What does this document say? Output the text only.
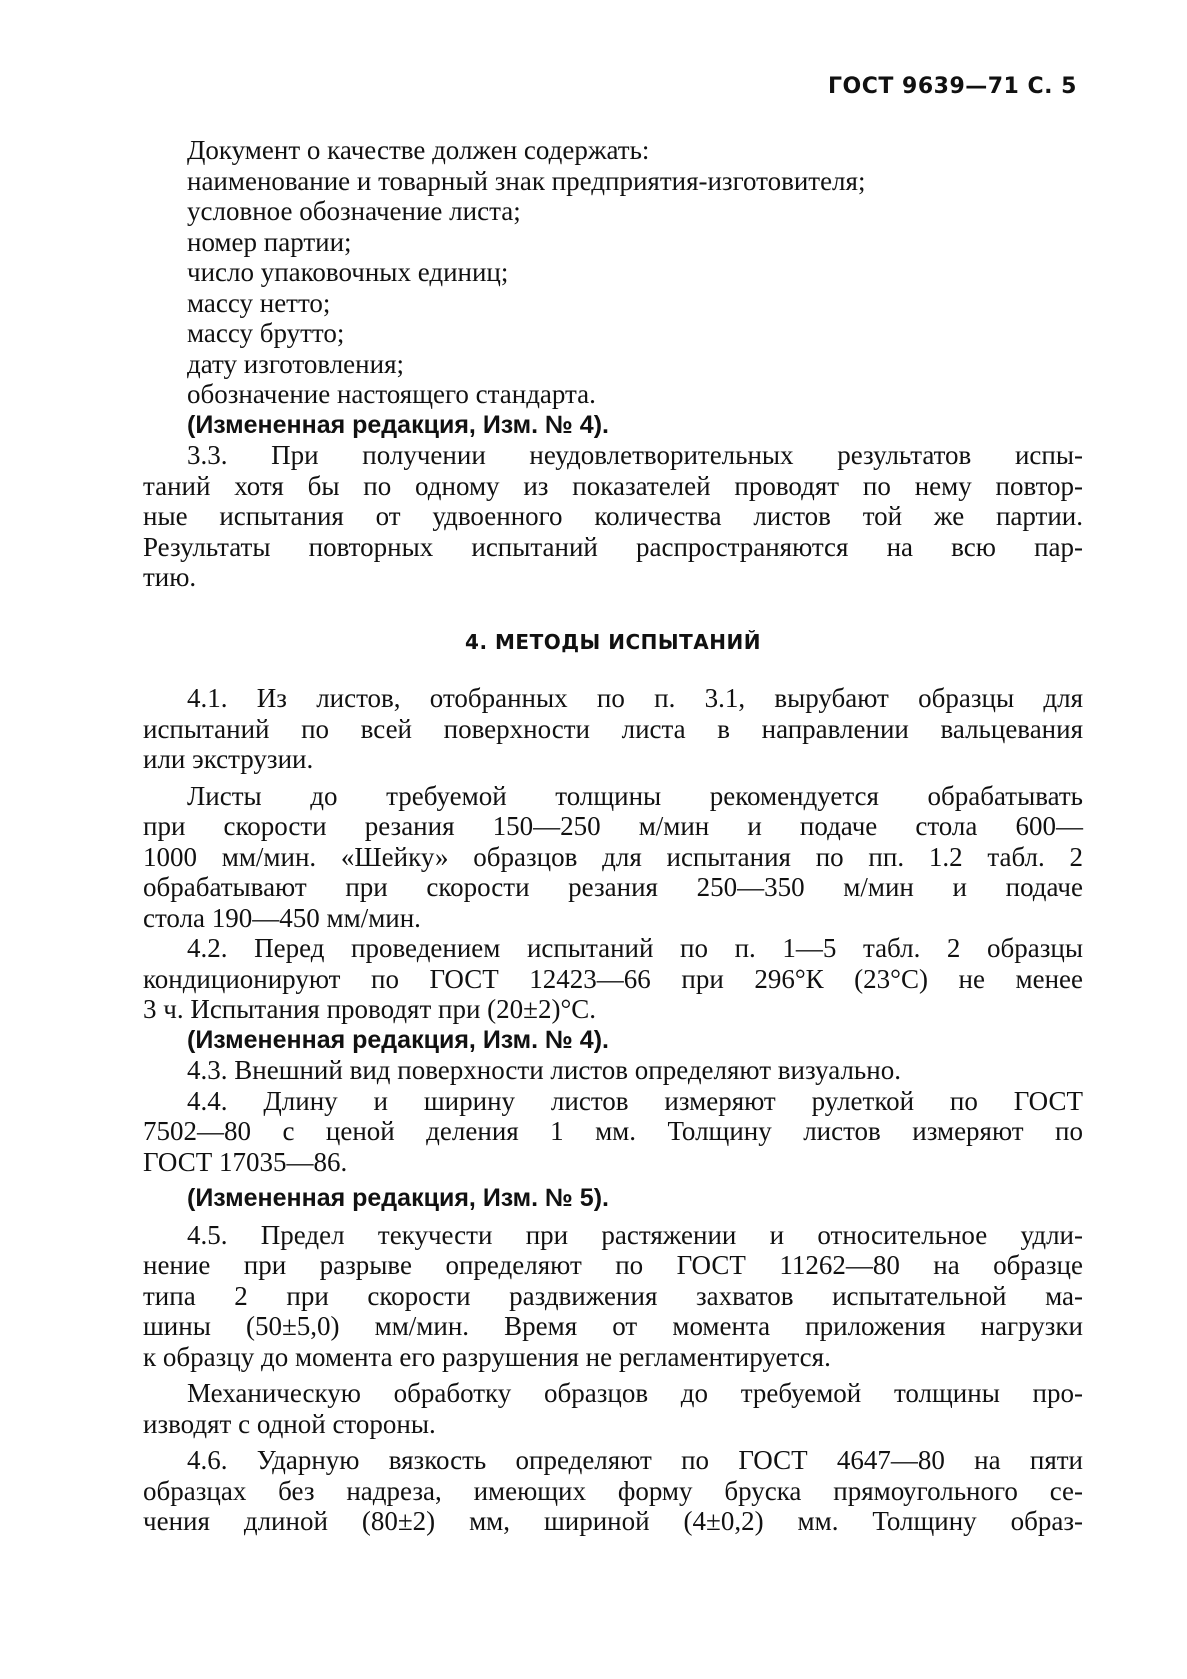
ГОСТ 9639—71 С. 5
Документ о качестве должен содержать:
наименование и товарный знак предприятия-изготовителя;
условное обозначение листа;
номер партии;
число упаковочных единиц;
массу нетто;
массу брутто;
дату изготовления;
обозначение настоящего стандарта.
(Измененная редакция, Изм. № 4).
3.3. При получении неудовлетворительных результатов испы-
таний хотя бы по одному из показателей проводят по нему повтор-
ные испытания от удвоенного количества листов той же партии.
Результаты повторных испытаний распространяются на всю пар-
тию.
4. МЕТОДЫ ИСПЫТАНИЙ
4.1. Из листов, отобранных по п. 3.1, вырубают образцы для
испытаний по всей поверхности листа в направлении вальцевания
или экструзии.
Листы до требуемой толщины рекомендуется обрабатывать
при скорости резания 150—250 м/мин и подаче стола 600—
1000 мм/мин. «Шейку» образцов для испытания по пп. 1.2 табл. 2
обрабатывают при скорости резания 250—350 м/мин и подаче
стола 190—450 мм/мин.
4.2. Перед проведением испытаний по п. 1—5 табл. 2 образцы
кондиционируют по ГОСТ 12423—66 при 296°К (23°С) не менее
3 ч. Испытания проводят при (20±2)°С.
(Измененная редакция, Изм. № 4).
4.3. Внешний вид поверхности листов определяют визуально.
4.4. Длину и ширину листов измеряют рулеткой по ГОСТ
7502—80 с ценой деления 1 мм. Толщину листов измеряют по
ГОСТ 17035—86.
(Измененная редакция, Изм. № 5).
4.5. Предел текучести при растяжении и относительное удли-
нение при разрыве определяют по ГОСТ 11262—80 на образце
типа 2 при скорости раздвижения захватов испытательной ма-
шины (50±5,0) мм/мин. Время от момента приложения нагрузки
к образцу до момента его разрушения не регламентируется.
Механическую обработку образцов до требуемой толщины про-
изводят с одной стороны.
4.6. Ударную вязкость определяют по ГОСТ 4647—80 на пяти
образцах без надреза, имеющих форму бруска прямоугольного се-
чения длиной (80±2) мм, шириной (4±0,2) мм. Толщину образ-
